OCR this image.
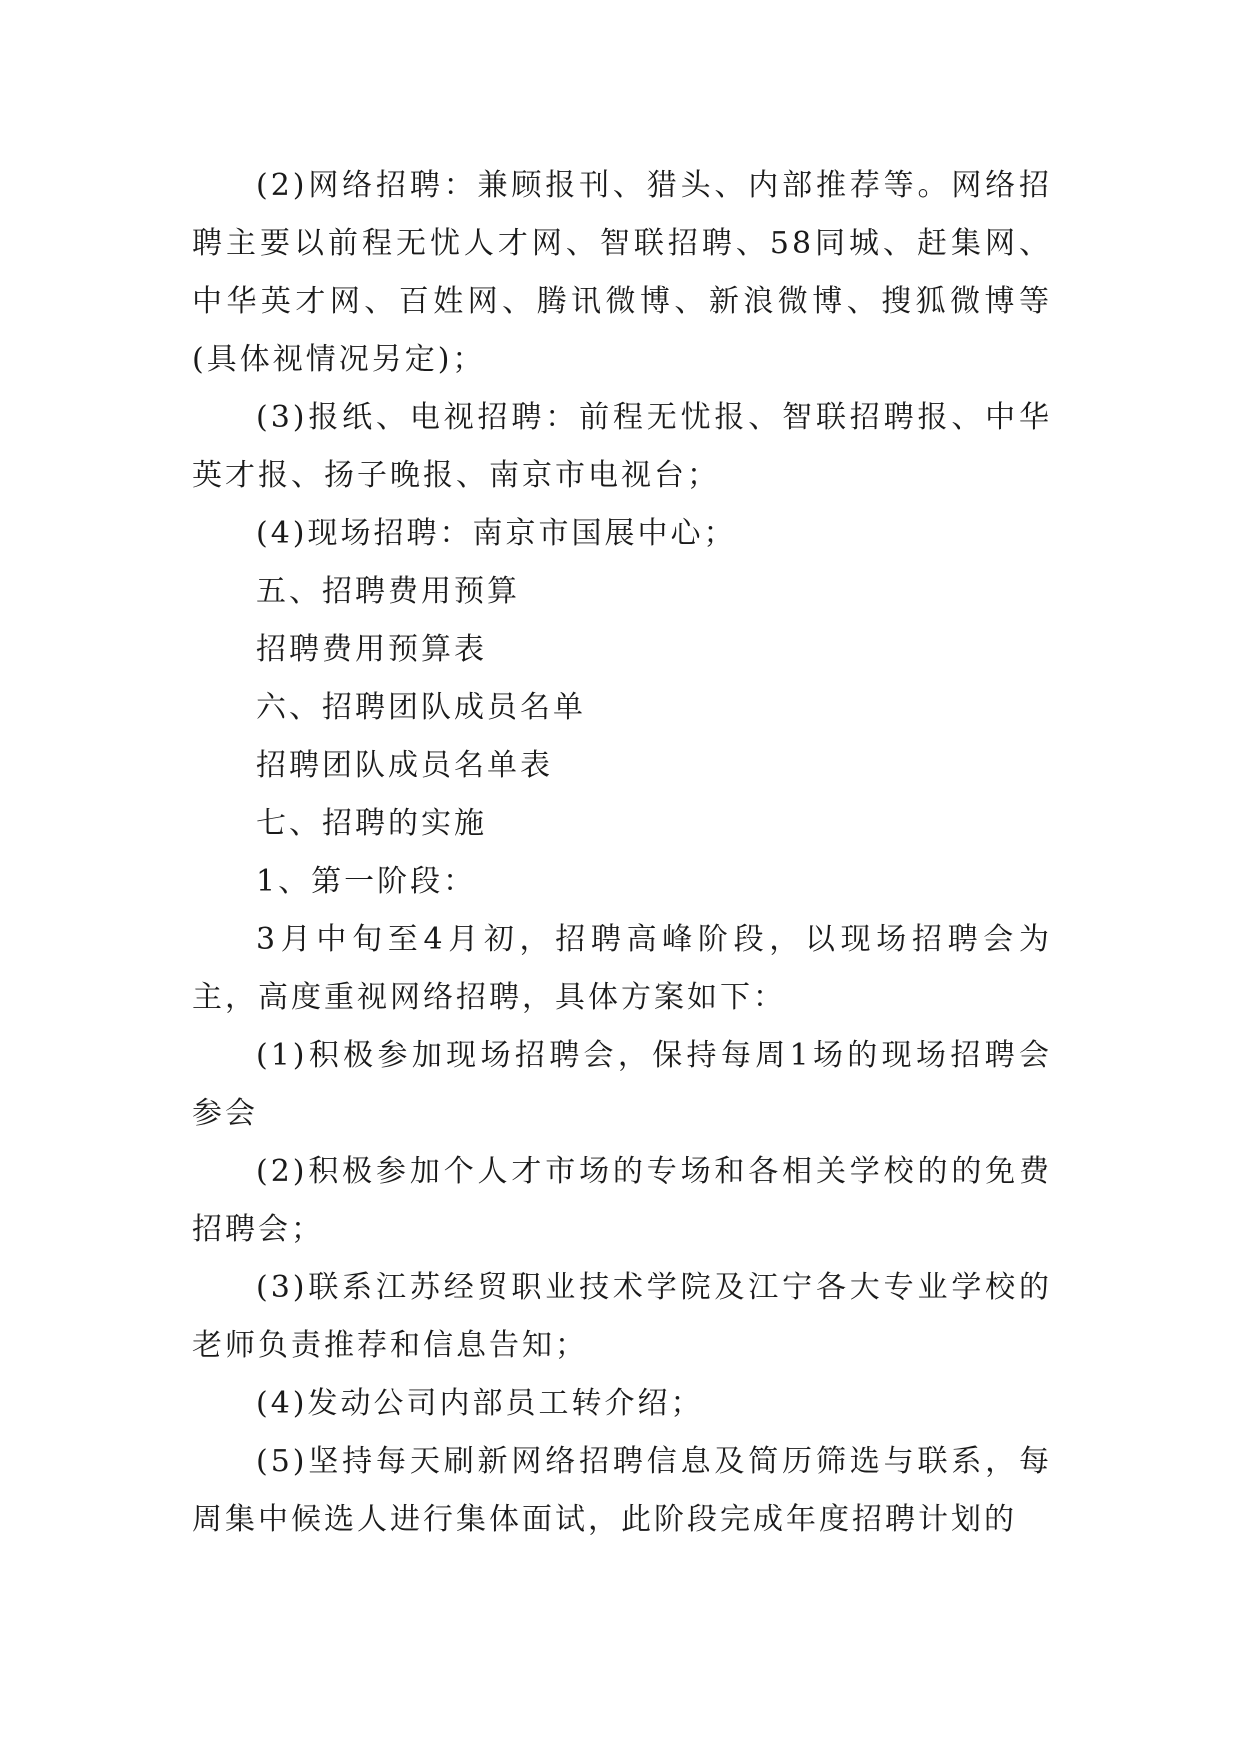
(2)网络招聘：兼顾报刊、猎头、内部推荐等。网络招聘主要以前程无忧人才网、智联招聘、58同城、赶集网、中华英才网、百姓网、腾讯微博、新浪微博、搜狐微博等(具体视情况另定)；

(3)报纸、电视招聘：前程无忧报、智联招聘报、中华英才报、扬子晚报、南京市电视台；

(4)现场招聘：南京市国展中心；

五、招聘费用预算

招聘费用预算表

六、招聘团队成员名单

招聘团队成员名单表

七、招聘的实施

1、第一阶段：

3月中旬至4月初，招聘高峰阶段，以现场招聘会为主，高度重视网络招聘，具体方案如下：

(1)积极参加现场招聘会，保持每周1场的现场招聘会参会

(2)积极参加个人才市场的专场和各相关学校的的免费招聘会；

(3)联系江苏经贸职业技术学院及江宁各大专业学校的老师负责推荐和信息告知；

(4)发动公司内部员工转介绍；

(5)坚持每天刷新网络招聘信息及简历筛选与联系，每周集中候选人进行集体面试，此阶段完成年度招聘计划的
